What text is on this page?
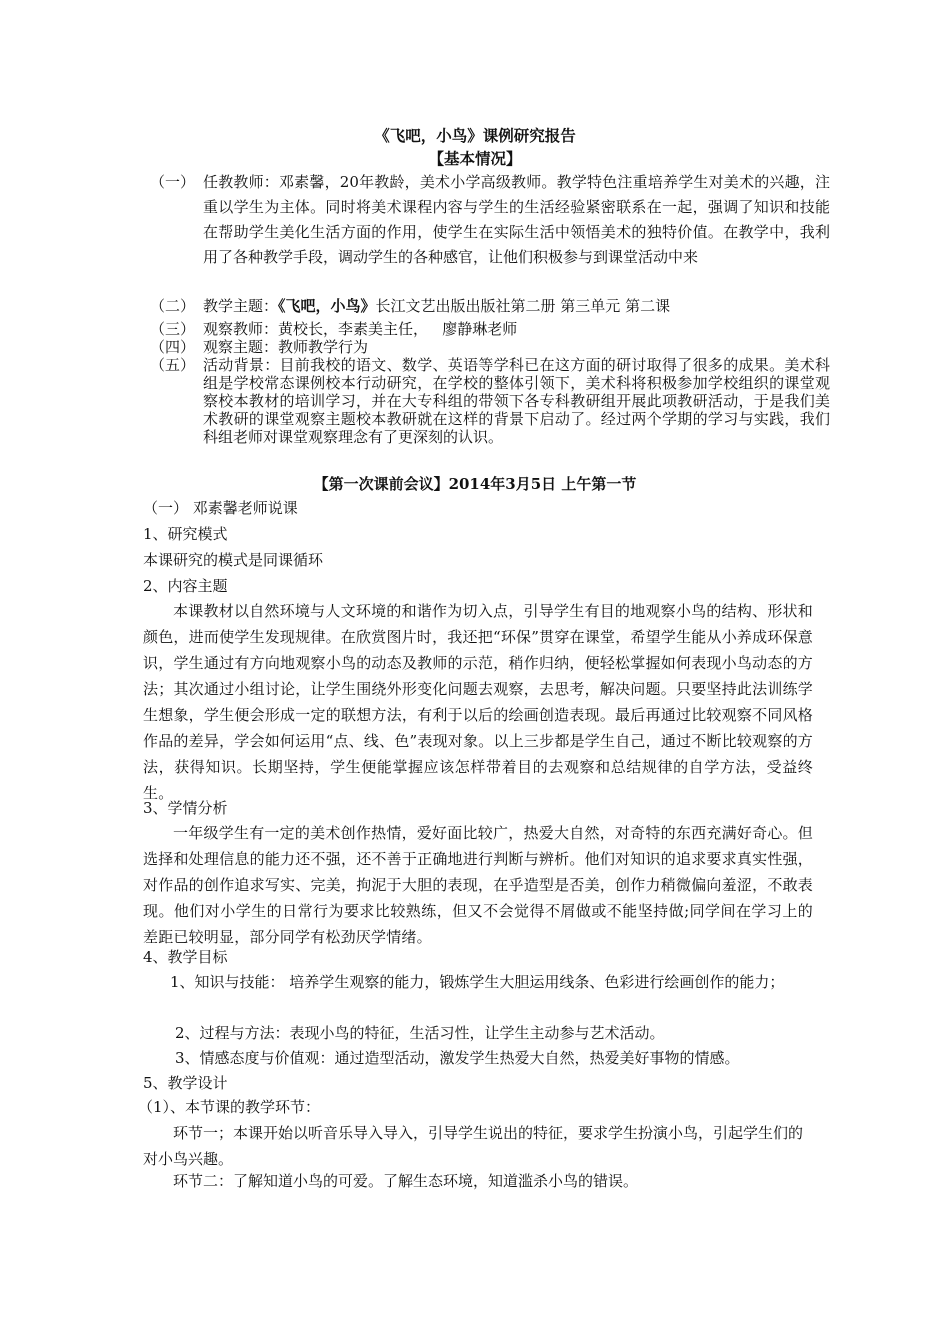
《飞吧，小鸟》课例研究报告
【基本情况】
（一） 任教教师：邓素馨，20年教龄，美术小学高级教师。教学特色注重培养学生对美术的兴趣，注重以学生为主体。同时将美术课程内容与学生的生活经验紧密联系在一起，强调了知识和技能在帮助学生美化生活方面的作用，使学生在实际生活中领悟美术的独特价值。在教学中，我利用了各种教学手段，调动学生的各种感官，让他们积极参与到课堂活动中来
（二） 教学主题：《飞吧，小鸟》长江文艺出版出版社第二册 第三单元 第二课
（三） 观察教师：黄校长，李素美主任，   廖静琳老师
（四） 观察主题：教师教学行为
（五） 活动背景：目前我校的语文、数学、英语等学科已在这方面的研讨取得了很多的成果。美术科组是学校常态课例校本行动研究，在学校的整体引领下，美术科将积极参加学校组织的课堂观察校本教材的培训学习，并在大专科组的带领下各专科教研组开展此项教研活动，于是我们美术教研的课堂观察主题校本教研就在这样的背景下启动了。经过两个学期的学习与实践，我们科组老师对课堂观察理念有了更深刻的认识。
【第一次课前会议】2014年3月5日 上午第一节
（一） 邓素馨老师说课
1、研究模式
本课研究的模式是同课循环
2、内容主题
本课教材以自然环境与人文环境的和谐作为切入点，引导学生有目的地观察小鸟的结构、形状和颜色，进而使学生发现规律。在欣赏图片时，我还把“环保”贯穿在课堂，希望学生能从小养成环保意识，学生通过有方向地观察小鸟的动态及教师的示范，稍作归纳，便轻松掌握如何表现小鸟动态的方法；其次通过小组讨论，让学生围绕外形变化问题去观察，去思考，解决问题。只要坚持此法训练学生想象，学生便会形成一定的联想方法，有利于以后的绘画创造表现。最后再通过比较观察不同风格作品的差异，学会如何运用“点、线、色”表现对象。以上三步都是学生自己，通过不断比较观察的方法，获得知识。长期坚持，学生便能掌握应该怎样带着目的去观察和总结规律的自学方法，受益终生。
3、学情分析
一年级学生有一定的美术创作热情，爱好面比较广，热爱大自然，对奇特的东西充满好奇心。但选择和处理信息的能力还不强，还不善于正确地进行判断与辨析。他们对知识的追求要求真实性强，对作品的创作追求写实、完美，拘泥于大胆的表现，在乎造型是否美，创作力稍微偏向羞涩，不敢表现。他们对小学生的日常行为要求比较熟练，但又不会觉得不屑做或不能坚持做;同学间在学习上的差距已较明显，部分同学有松劲厌学情绪。
4、教学目标
1、知识与技能： 培养学生观察的能力，锻炼学生大胆运用线条、色彩进行绘画创作的能力；
2、过程与方法：表现小鸟的特征，生活习性，让学生主动参与艺术活动。
3、情感态度与价值观：通过造型活动，激发学生热爱大自然，热爱美好事物的情感。
5、教学设计
（1）、本节课的教学环节：
环节一；本课开始以听音乐导入导入，引导学生说出的特征，要求学生扮演小鸟，引起学生们的对小鸟兴趣。
环节二：了解知道小鸟的可爱。了解生态环境，知道滥杀小鸟的错误。
